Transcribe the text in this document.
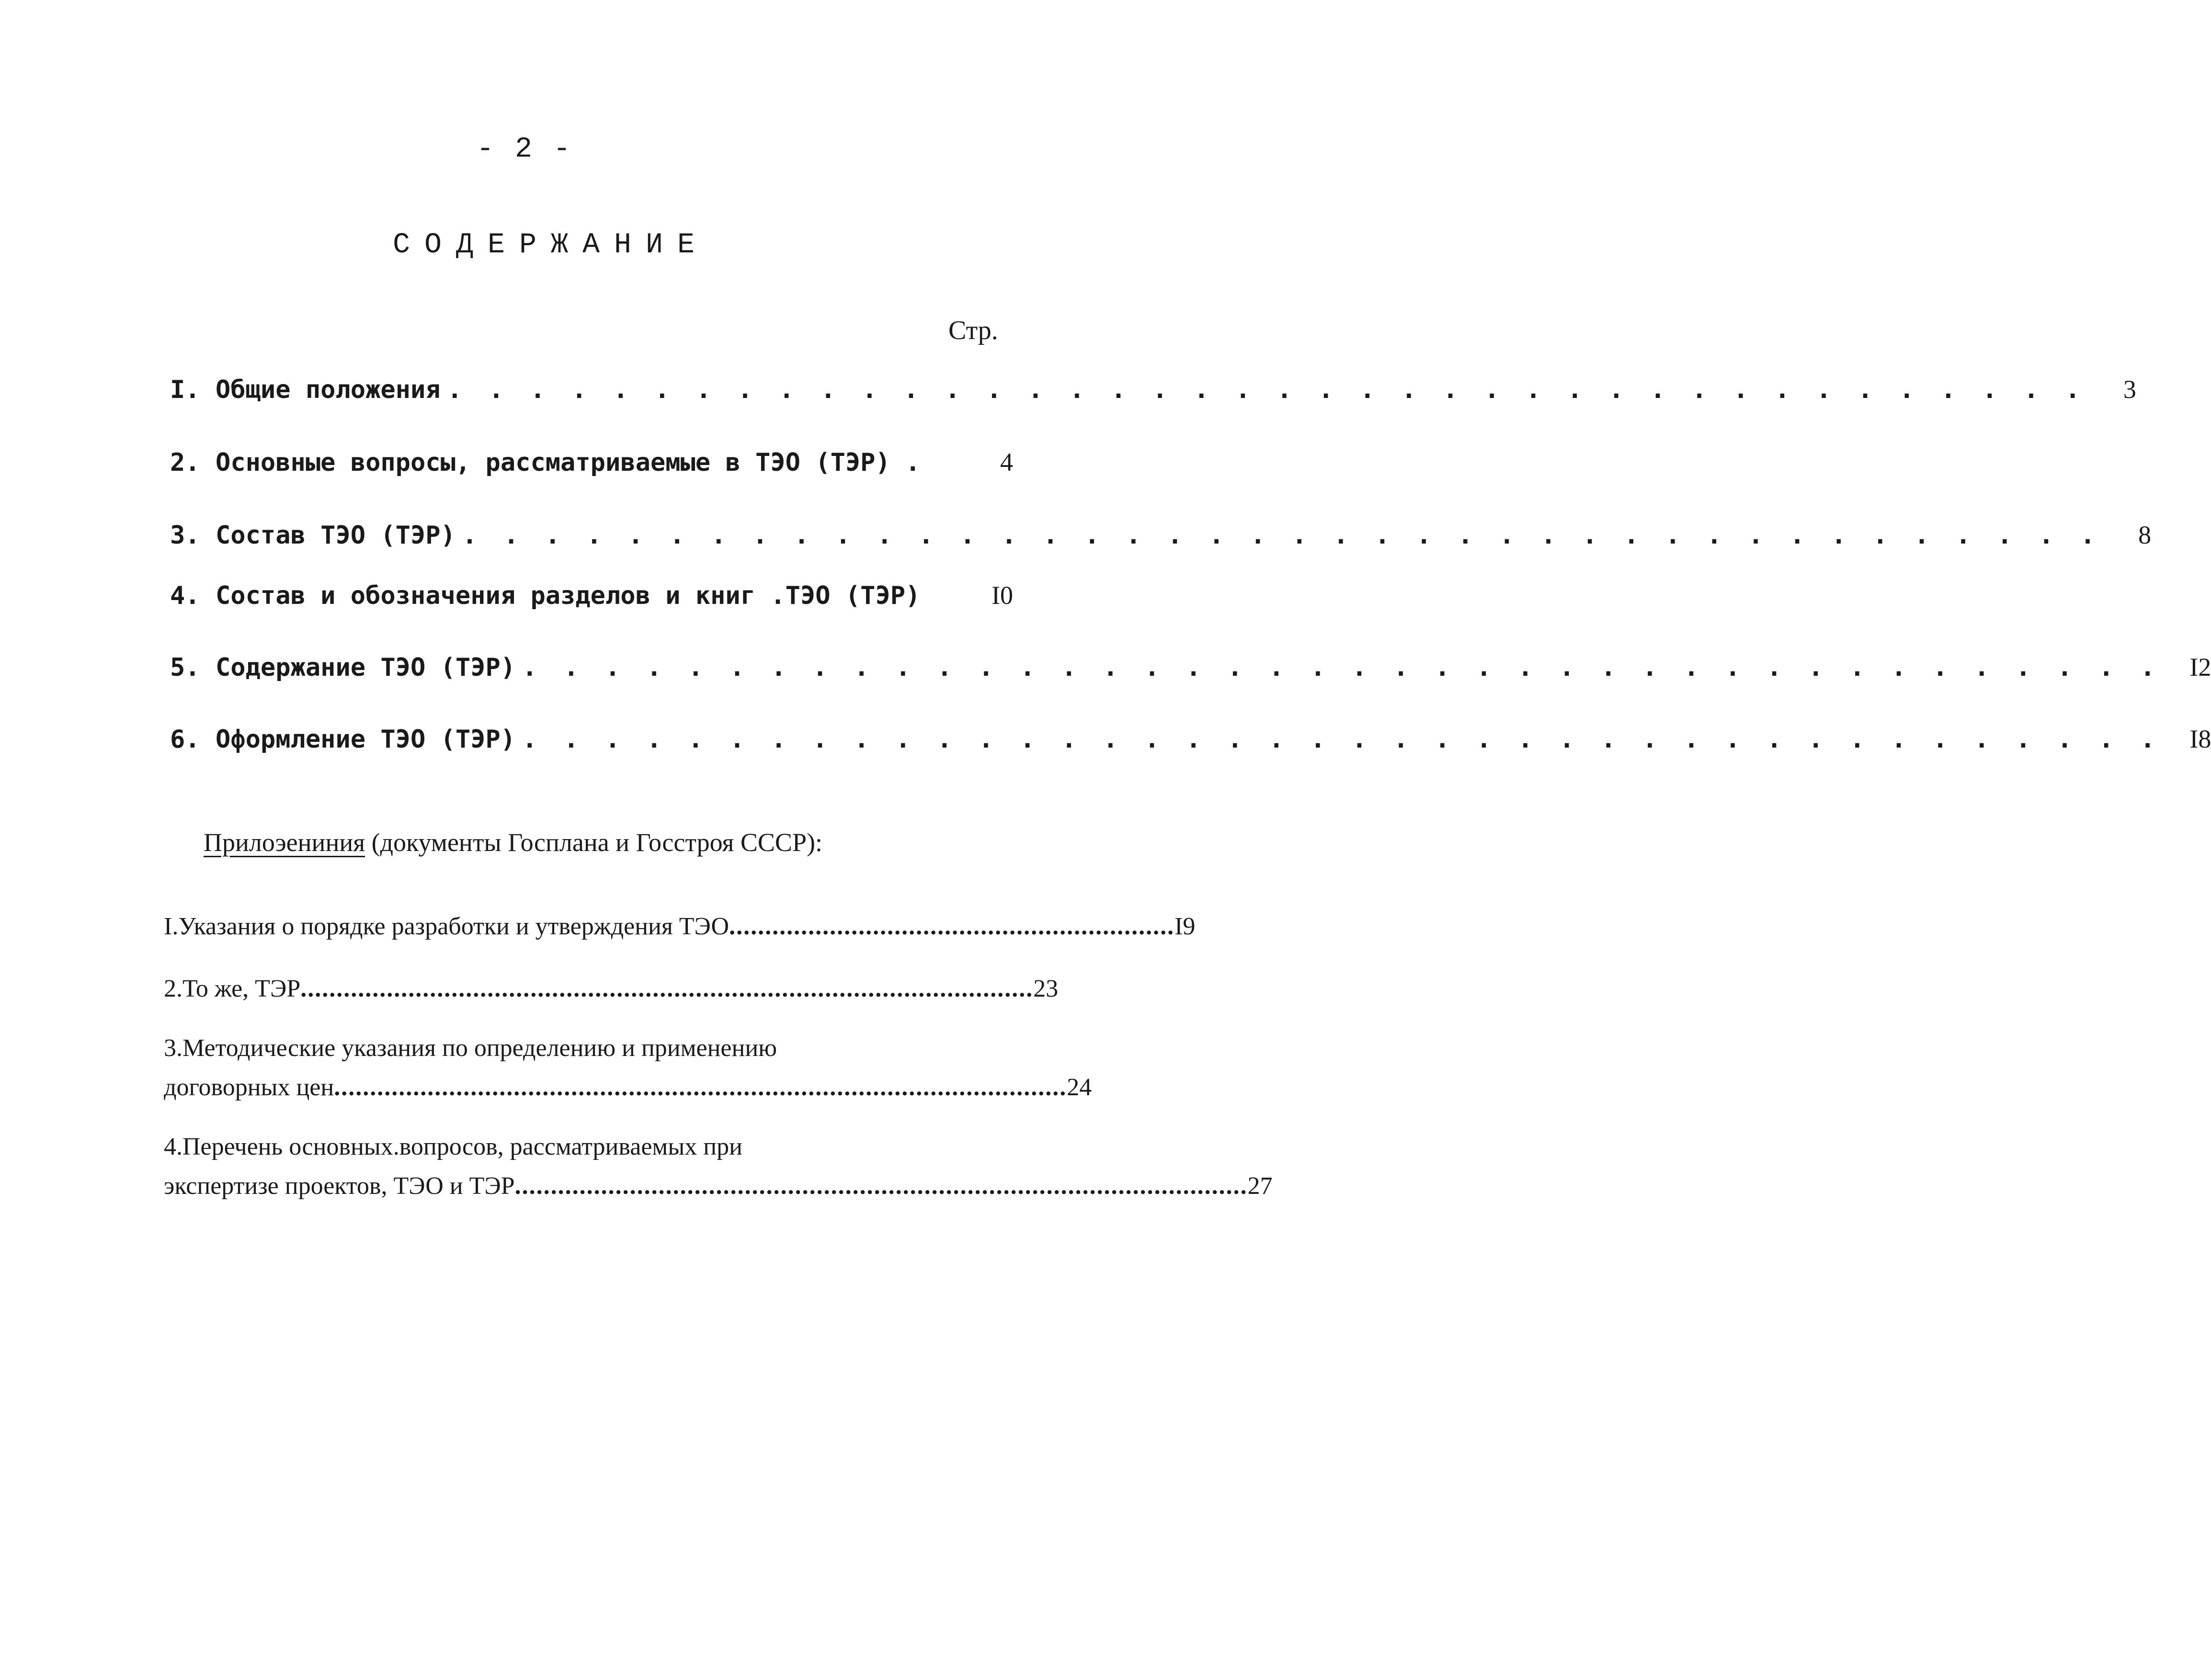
- 2 -
СОДЕРЖАНИЕ
Стр.
I. Общие положения . . . . . . . . . . . . . . . . . . . . . . . . . . . . . . . . . . . . . . . .	3
2. Основные вопросы, рассматриваемые в ТЭО (ТЭР) .	4
3. Состав ТЭО (ТЭР) . . . . . . . . . . . . . . . . . . . . . . . . . . . . . . . . . . . . . . . .	8
4. Состав и обозначения разделов и книг .ТЭО (ТЭР)	I0
5. Содержание ТЭО (ТЭР) . . . . . . . . . . . . . . . . . . . . . . . . . . . . . . . . . . . . . . . .	I2
6. Оформление ТЭО (ТЭР) . . . . . . . . . . . . . . . . . . . . . . . . . . . . . . . . . . . . . . . .	I8
Прилоэениния (документы Госплана и Госстроя СССР):
I.Указания о порядке разработки и утверждения ТЭО .............................................................. I9
2.То же, ТЭР ...................................................................................................... 23
3.Методические указания по определению и применению
договорных цен ...................................................................................................... 24
4.Перечень основных.вопросов, рассматриваемых при
экспертизе проектов, ТЭО и ТЭР ...................................................................................................... 27
